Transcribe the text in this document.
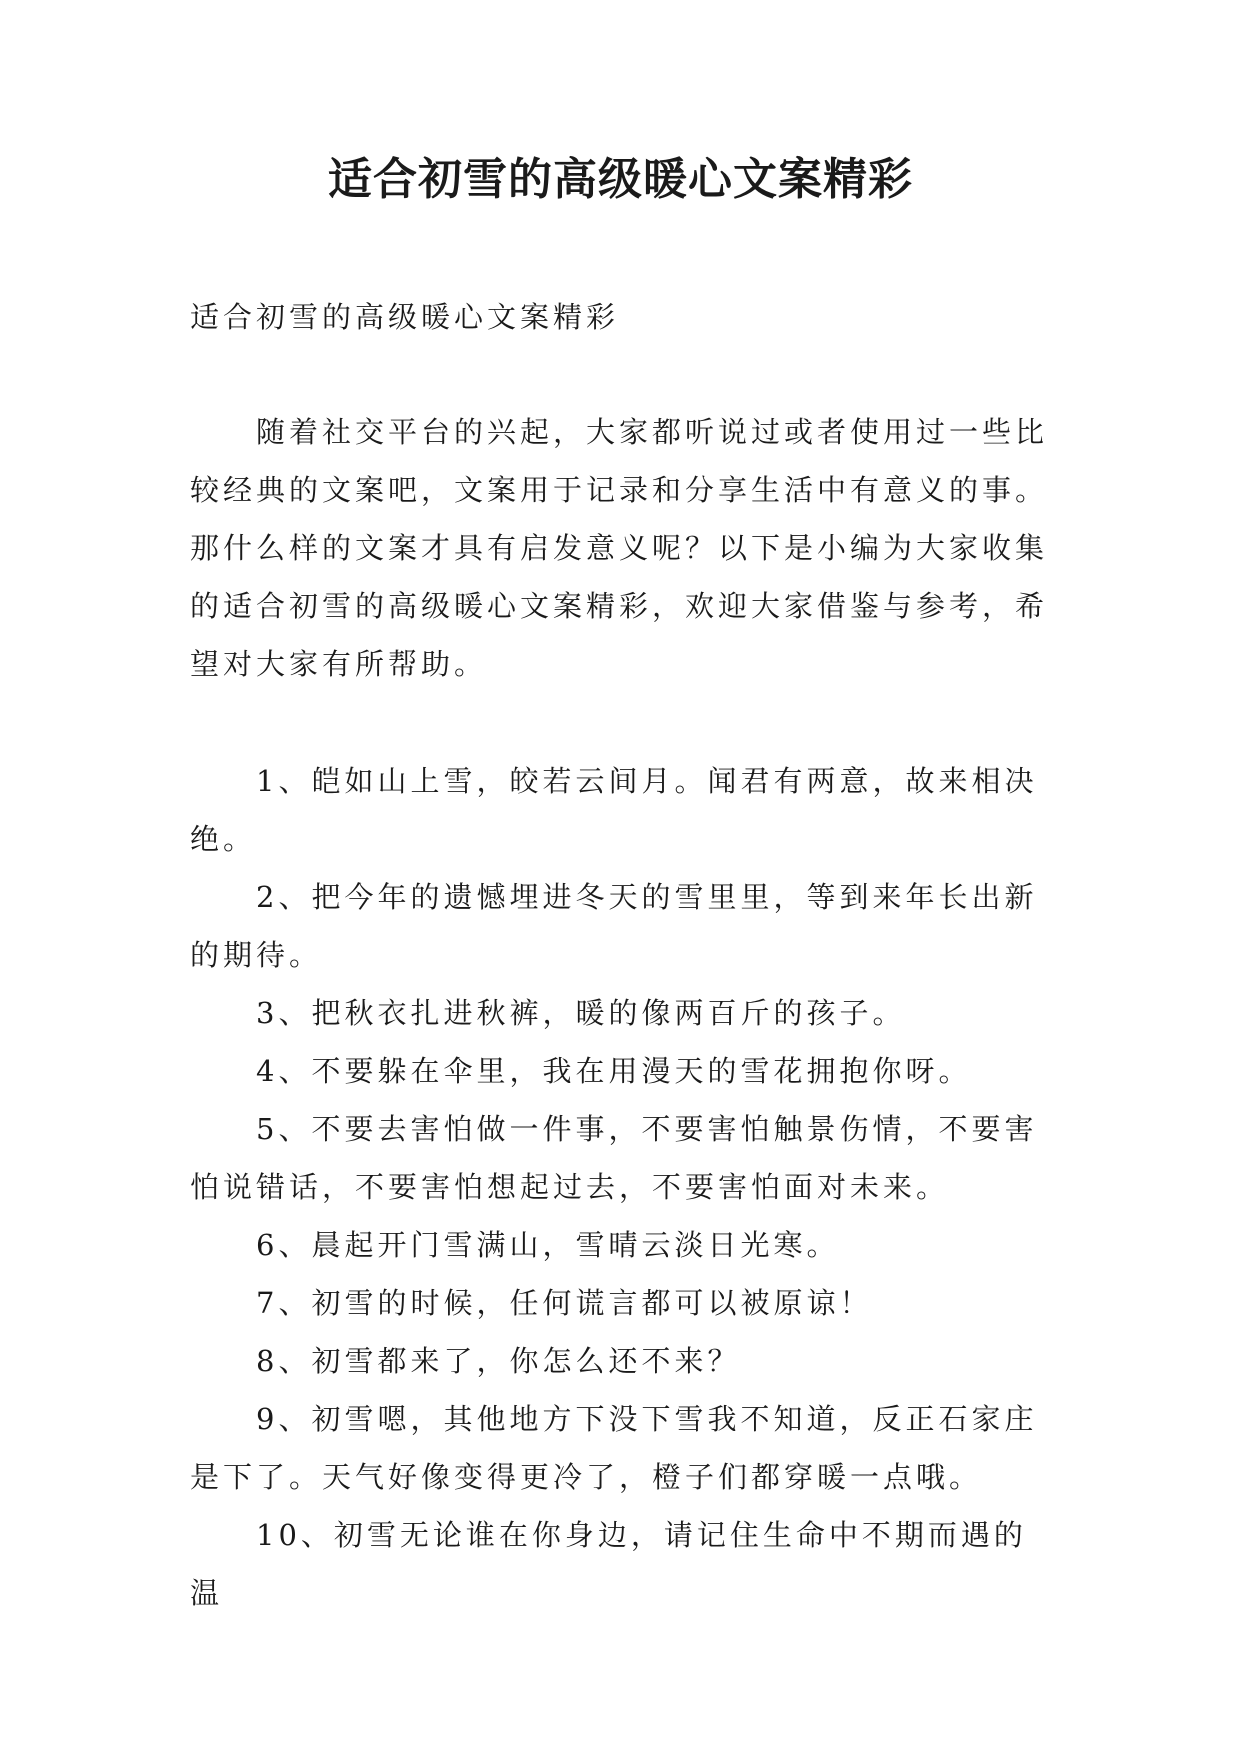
适合初雪的高级暖心文案精彩

适合初雪的高级暖心文案精彩

随着社交平台的兴起，大家都听说过或者使用过一些比较经典的文案吧，文案用于记录和分享生活中有意义的事。那什么样的文案才具有启发意义呢？以下是小编为大家收集的适合初雪的高级暖心文案精彩，欢迎大家借鉴与参考，希望对大家有所帮助。

1、皑如山上雪，皎若云间月。闻君有两意，故来相决绝。
2、把今年的遗憾埋进冬天的雪里里，等到来年长出新的期待。
3、把秋衣扎进秋裤，暖的像两百斤的孩子。
4、不要躲在伞里，我在用漫天的雪花拥抱你呀。
5、不要去害怕做一件事，不要害怕触景伤情，不要害怕说错话，不要害怕想起过去，不要害怕面对未来。
6、晨起开门雪满山，雪晴云淡日光寒。
7、初雪的时候，任何谎言都可以被原谅！
8、初雪都来了，你怎么还不来？
9、初雪嗯，其他地方下没下雪我不知道，反正石家庄是下了。天气好像变得更冷了，橙子们都穿暖一点哦。
10、初雪无论谁在你身边，请记住生命中不期而遇的温
